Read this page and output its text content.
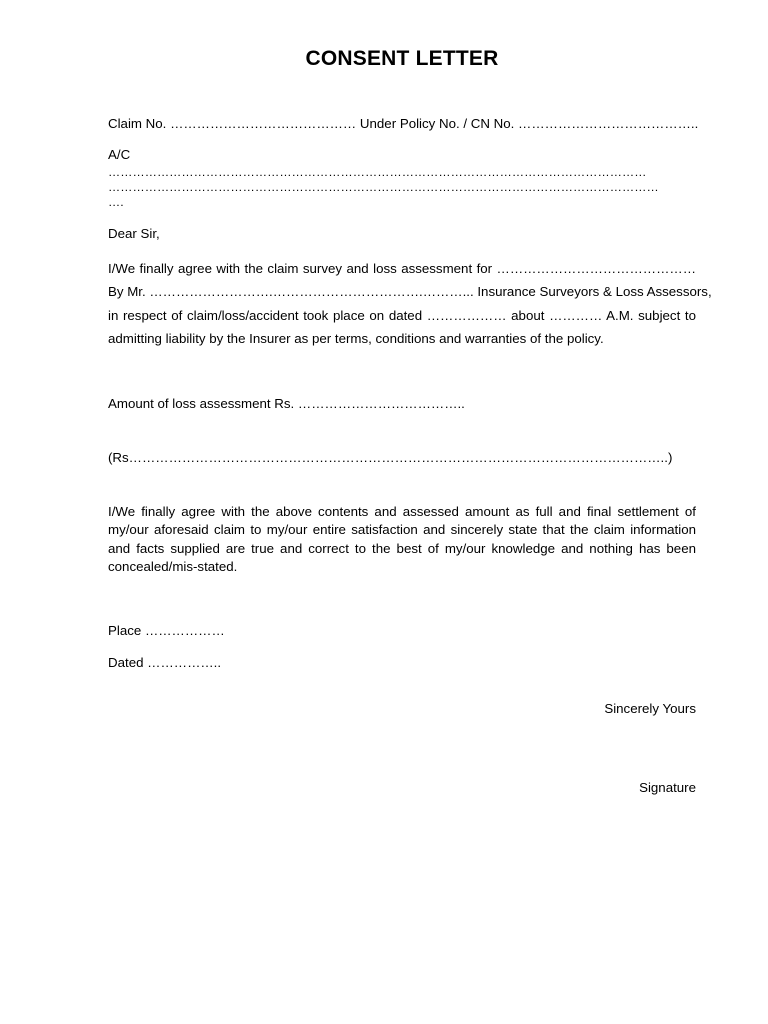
CONSENT LETTER
Claim No. …………………………………… Under Policy No. / CN No. …………………………………..
A/C
……………………………………………………………………………………………………………………
………………………………………………………………………………………………………………………
….
Dear Sir,
I/We finally agree with the claim survey and loss assessment for ………………………………………
By Mr. ……………………….…………………………….………... Insurance Surveyors & Loss Assessors,
in respect of claim/loss/accident took place on dated ……………… about ………… A.M. subject to
admitting liability by the Insurer as per terms, conditions and warranties of the policy.
Amount of loss assessment Rs. ………………………………..
(Rs…………………………………………………………………………………………………………..)
I/We finally agree with the above contents and assessed amount as full and final settlement of my/our aforesaid claim to my/our entire satisfaction and sincerely state that the claim information and facts supplied are true and correct to the best of my/our knowledge and nothing has been concealed/mis-stated.
Place ………………
Dated ……………..
Sincerely Yours
Signature
